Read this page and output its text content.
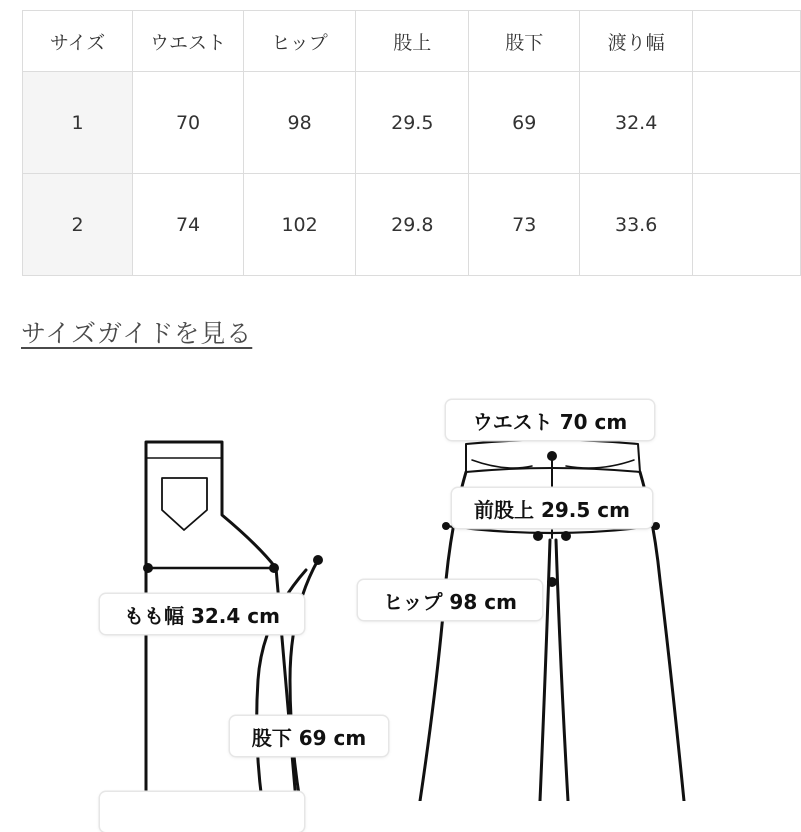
サイズ	ウエスト	ヒップ	股上	股下	渡り幅	
1	70	98	29.5	69	32.4	
2	74	102	29.8	73	33.6	
サイズガイドを見る
ウエスト 70 cm
前股上 29.5 cm
ヒップ 98 cm
もも幅 32.4 cm
股下 69 cm
